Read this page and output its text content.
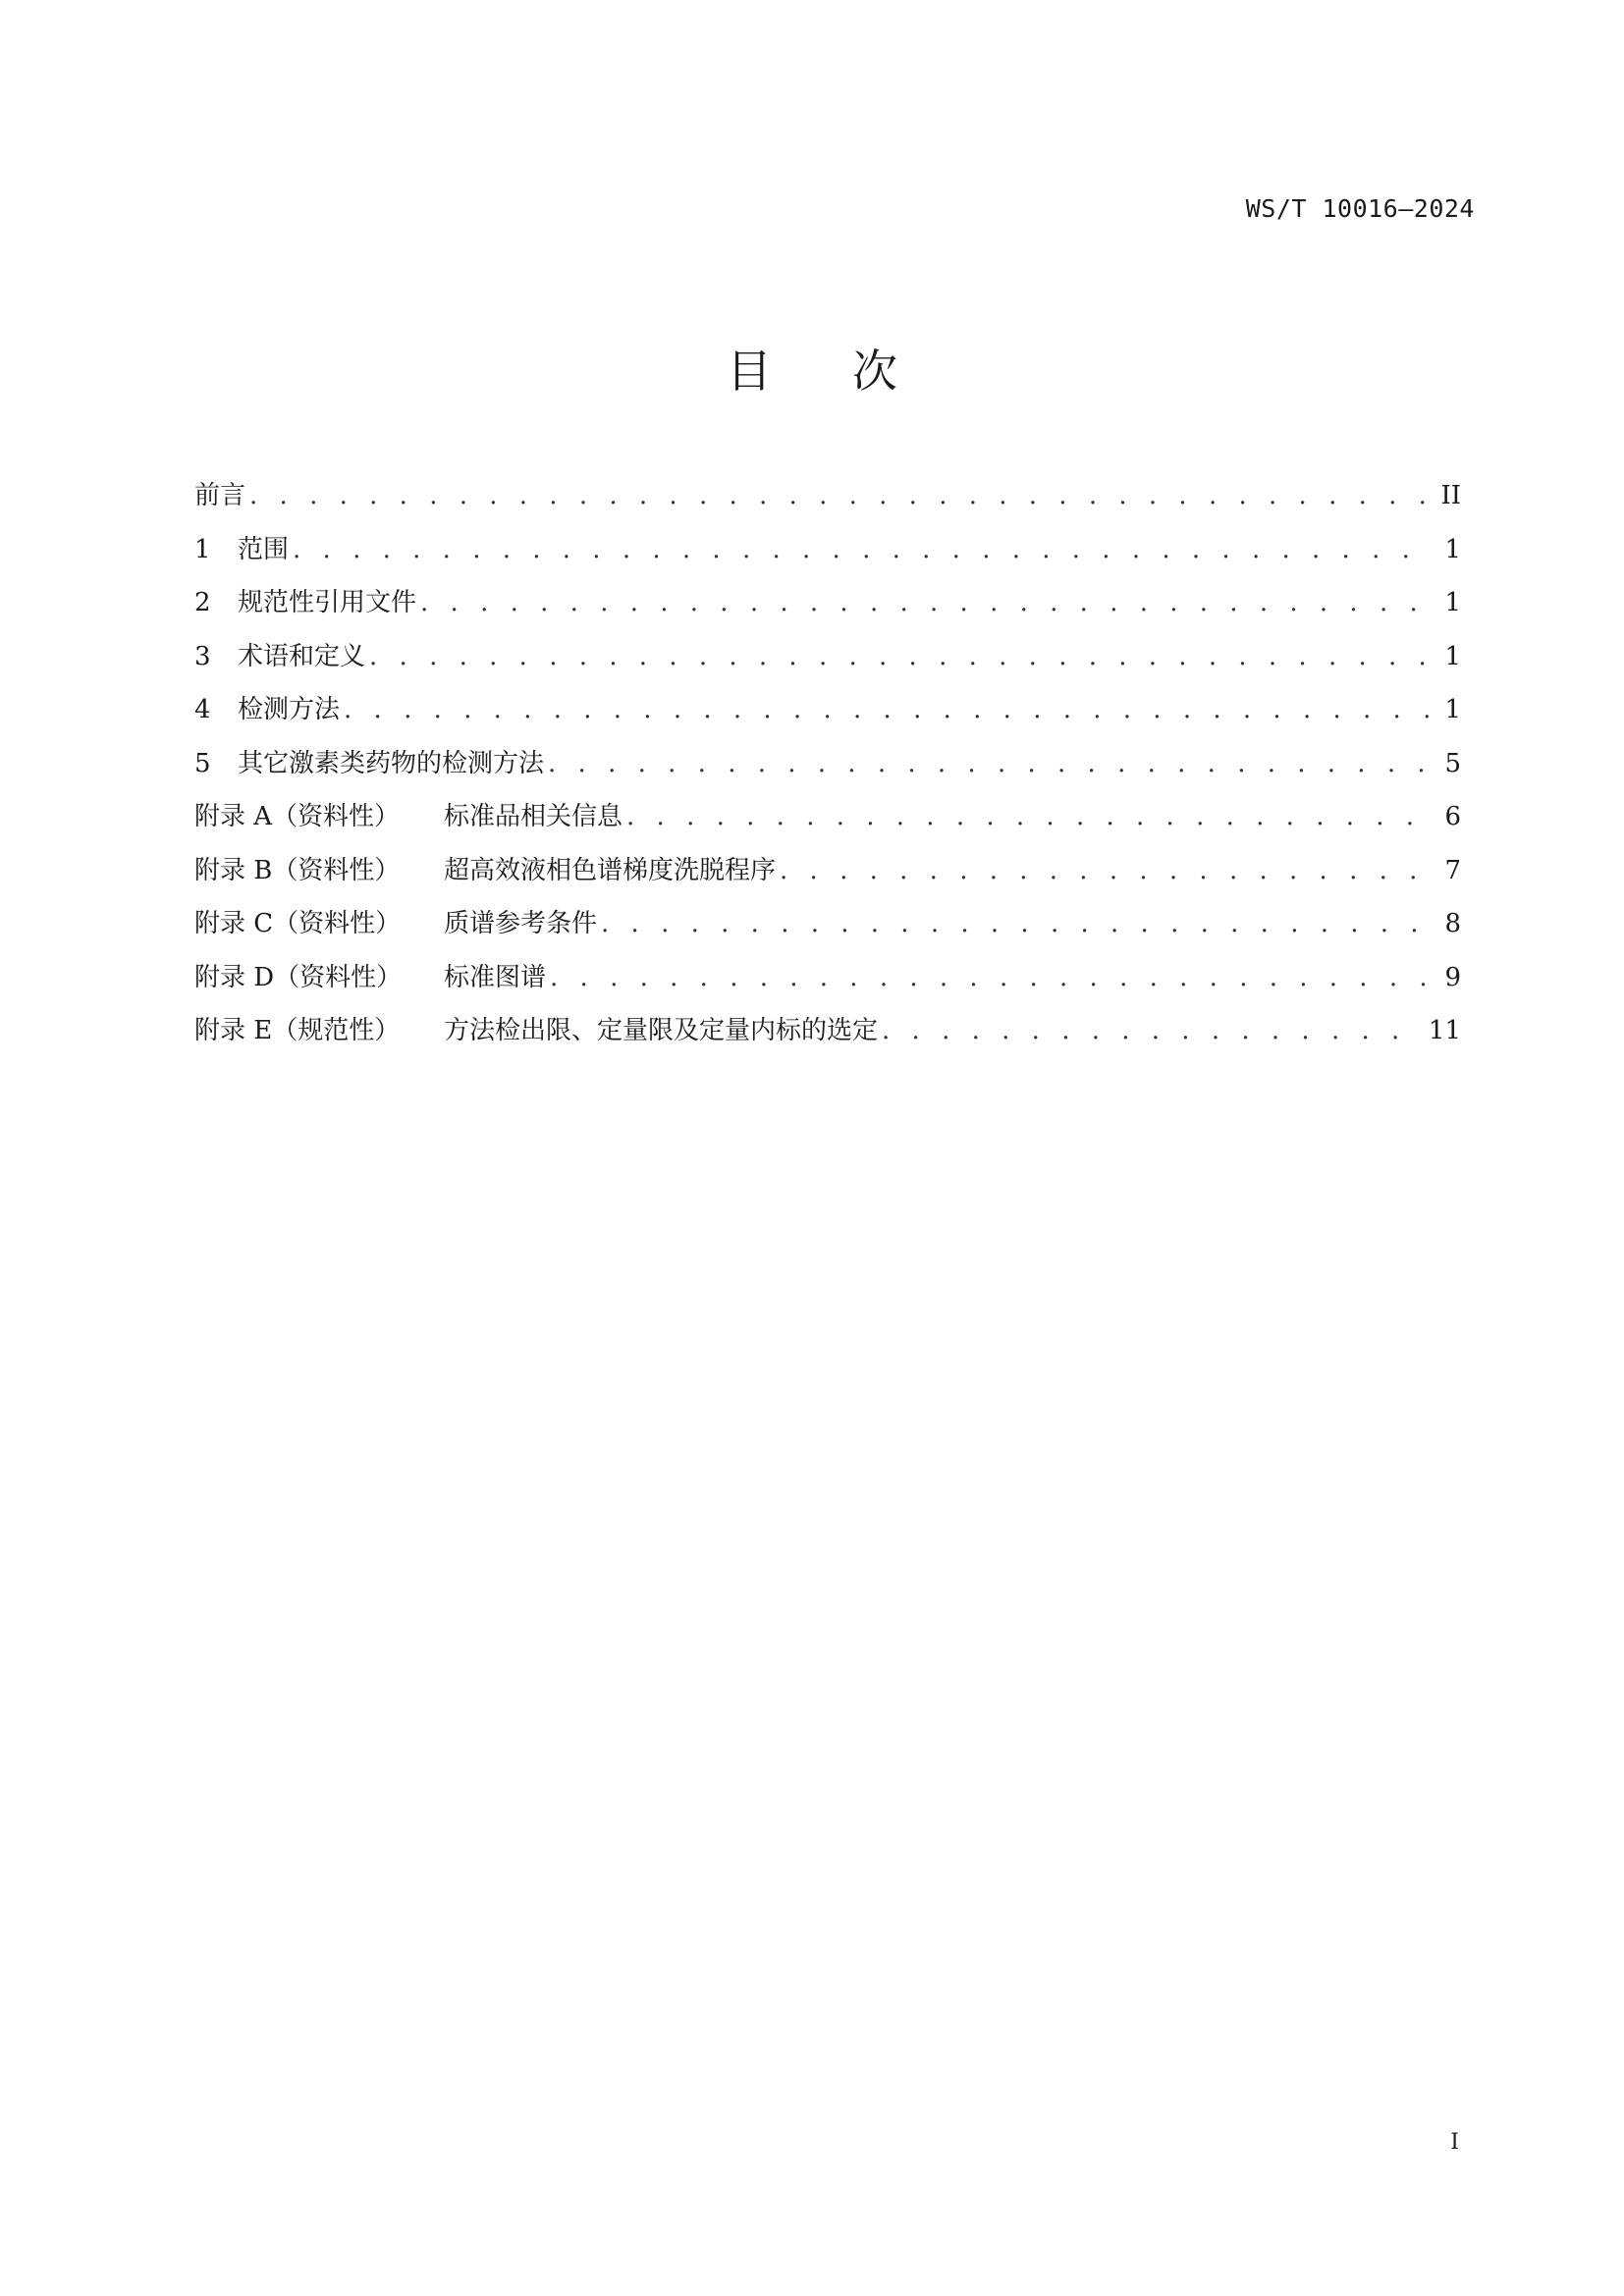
WS/T 10016—2024
目次
前言 . . .	II
1	范围 . . .	1
2	规范性引用文件 . . .	1
3	术语和定义 . . .	1
4	检测方法 . . .	1
5	其它激素类药物的检测方法 . . .	5
附录 A（资料性）	标准品相关信息 . . .	6
附录 B（资料性）	超高效液相色谱梯度洗脱程序 . . .	7
附录 C（资料性）	质谱参考条件 . . .	8
附录 D（资料性）	标准图谱 . . .	9
附录 E（规范性）	方法检出限、定量限及定量内标的选定 . . .	11
I
